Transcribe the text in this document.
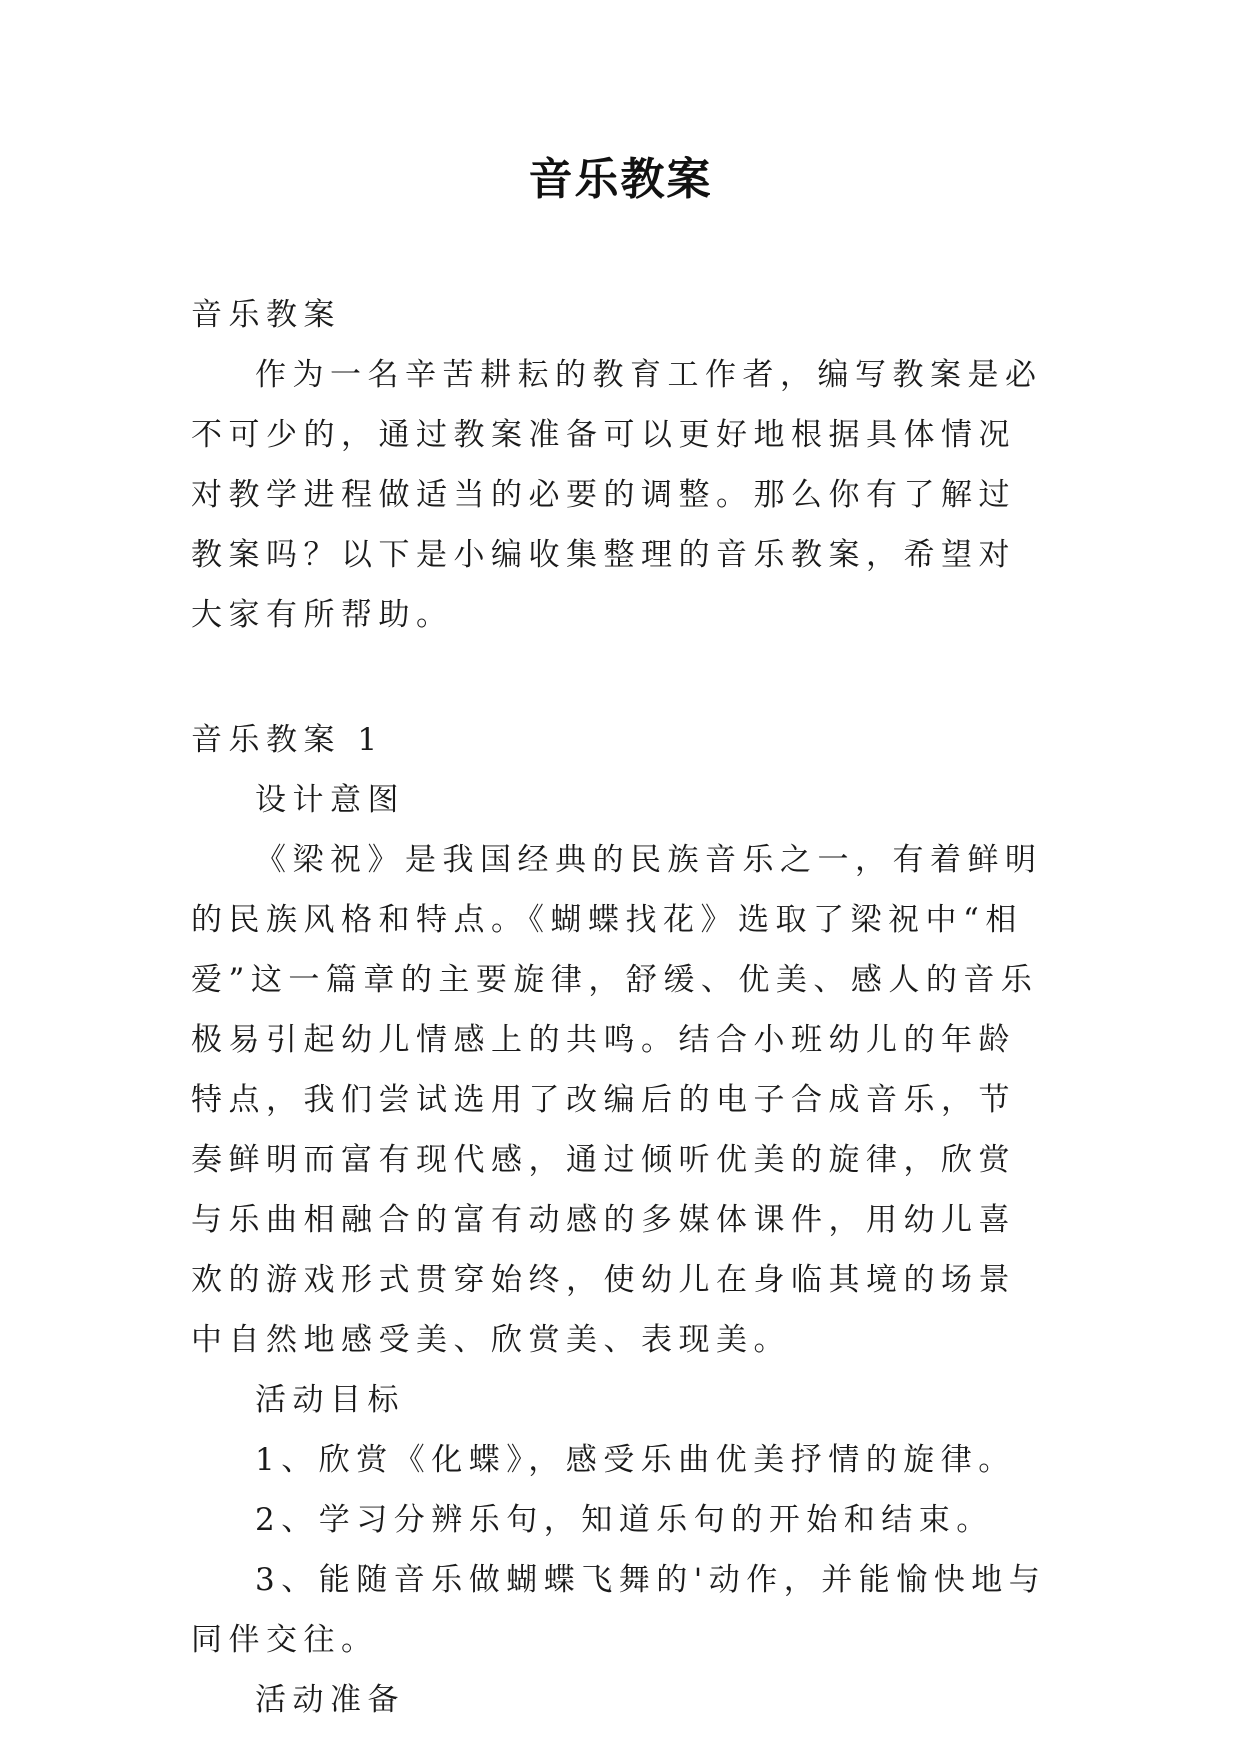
音乐教案

音乐教案

作为一名辛苦耕耘的教育工作者，编写教案是必不可少的，通过教案准备可以更好地根据具体情况对教学进程做适当的必要的调整。那么你有了解过教案吗？以下是小编收集整理的音乐教案，希望对大家有所帮助。

音乐教案 1

设计意图

《梁祝》是我国经典的民族音乐之一，有着鲜明的民族风格和特点。《蝴蝶找花》选取了梁祝中“相爱”这一篇章的主要旋律，舒缓、优美、感人的音乐极易引起幼儿情感上的共鸣。结合小班幼儿的年龄特点，我们尝试选用了改编后的电子合成音乐，节奏鲜明而富有现代感，通过倾听优美的旋律，欣赏与乐曲相融合的富有动感的多媒体课件，用幼儿喜欢的游戏形式贯穿始终，使幼儿在身临其境的场景中自然地感受美、欣赏美、表现美。

活动目标

1、欣赏《化蝶》，感受乐曲优美抒情的旋律。

2、学习分辨乐句，知道乐句的开始和结束。

3、能随音乐做蝴蝶飞舞的'动作，并能愉快地与同伴交往。

活动准备
